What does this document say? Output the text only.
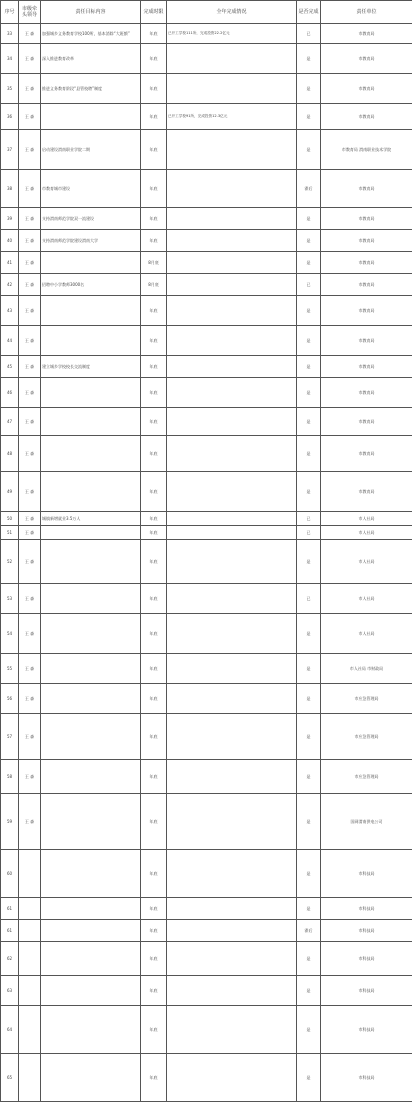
序号	市级牵头领导	责任目标内容	完成时限	全年完成情况	是否完成	责任单位
33	王 森	加强城乡义务教育学校100所，基本消除“大班额”	年底	已开工学校111所，完成投资22.2亿元	已	市教育局
34	王 森	深入推进教育改革	年底		是	市教育局
35	王 森	推进义务教育阶段“县管校聘”制度	年底		是	市教育局
36	王 森		年底	已开工学校91所，完成投资12.3亿元	是	市教育局
37	王 森	启动建设渭南职业学院二期	年底		是	市教育局 渭南职业技术学院
38	王 森	市教育城市建设	年底		滞后	市教育局
39	王 森	支持渭南师范学院双一流建设	年底		是	市教育局
40	王 森	支持渭南师范学院建设渭南大学	年底		是	市教育局
41	王 森		8月底		是	市教育局
42	王 森	招聘中小学教师3000名	8月底		已	市教育局
43	王 森		年底		是	市教育局
44	王 森		年底		是	市教育局
45	王 森	建立城乡学校校长交流制度	年底		是	市教育局
46	王 森		年底		是	市教育局
47	王 森		年底		是	市教育局
48	王 森		年底		是	市教育局
49	王 森		年底		是	市教育局
50	王 森	城镇新增就业3.5万人	年底		已	市人社局
51	王 森		年底		已	市人社局
52	王 森		年底		是	市人社局
53	王 森		年底		已	市人社局
54	王 森		年底		是	市人社局
55	王 森		年底		是	市人社局 市财政局
56	王 森		年底		是	市应急管理局
57	王 森		年底		是	市应急管理局
58	王 森		年底		是	市应急管理局
59	王 森		年底		是	国网渭南供电公司
60			年底		是	市科技局
61			年底		是	市科技局
61			年底		滞后	市科技局
62			年底		是	市科技局
63			年底		是	市科技局
64			年底		是	市科技局
65			年底		是	市科技局
